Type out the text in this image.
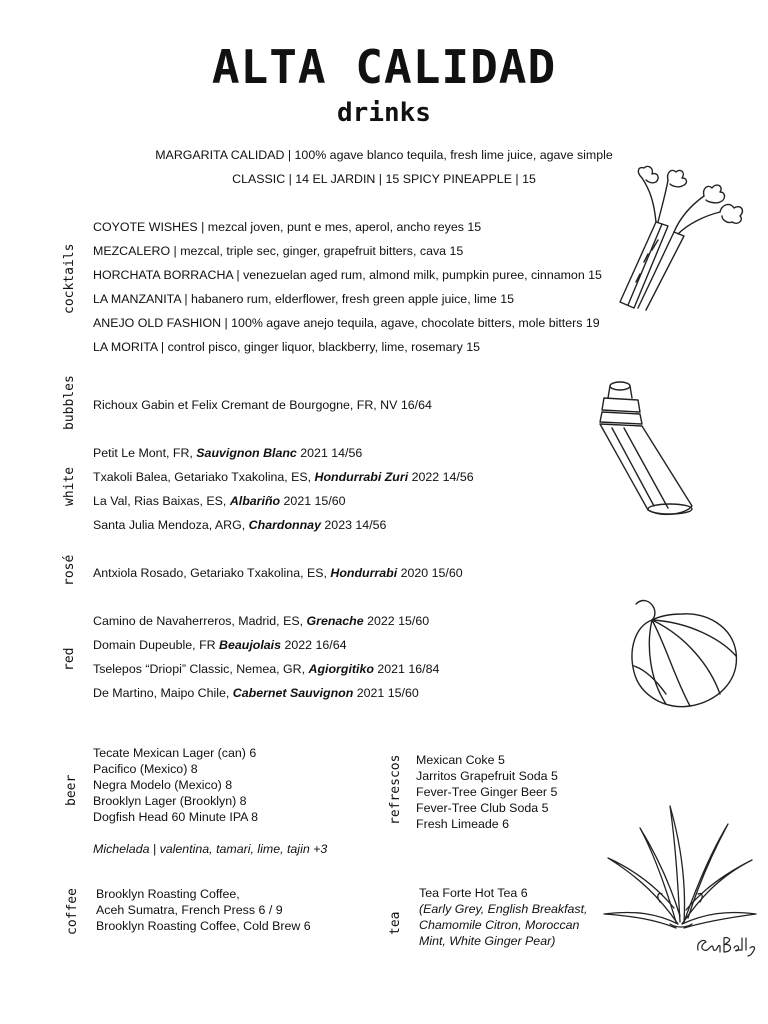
ALTA CALIDAD
drinks
MARGARITA CALIDAD | 100% agave blanco tequila, fresh lime juice, agave simple
CLASSIC | 14 EL JARDIN | 15 SPICY PINEAPPLE | 15
cocktails
bubbles
white
rosé
red
beer	refrescos
coffee	tea
COYOTE WISHES | mezcal joven, punt e mes, aperol, ancho reyes 15
MEZCALERO | mezcal, triple sec, ginger, grapefruit bitters, cava 15
HORCHATA BORRACHA | venezuelan aged rum, almond milk, pumpkin puree, cinnamon 15
LA MANZANITA | habanero rum, elderflower, fresh green apple juice, lime 15
ANEJO OLD FASHION | 100% agave anejo tequila, agave, chocolate bitters, mole bitters 19
LA MORITA | control pisco, ginger liquor, blackberry, lime, rosemary 15
Richoux Gabin et Felix Cremant de Bourgogne, FR, NV 16/64
Petit Le Mont, FR, Sauvignon Blanc 2021 14/56
Txakoli Balea, Getariako Txakolina, ES, Hondurrabi Zuri 2022 14/56
La Val, Rias Baixas, ES, Albariño 2021 15/60
Santa Julia Mendoza, ARG, Chardonnay 2023 14/56
Antxiola Rosado, Getariako Txakolina, ES, Hondurrabi 2020 15/60
Camino de Navaherreros, Madrid, ES, Grenache 2022 15/60
Domain Dupeuble, FR Beaujolais 2022 16/64
Tselepos “Driopi” Classic, Nemea, GR, Agiorgitiko 2021 16/84
De Martino, Maipo Chile, Cabernet Sauvignon 2021 15/60
Tecate Mexican Lager (can) 6
Pacifico (Mexico) 8
Negra Modelo (Mexico) 8
Brooklyn Lager (Brooklyn) 8
Dogfish Head 60 Minute IPA 8
Michelada | valentina, tamari, lime, tajin +3
Mexican Coke 5
Jarritos Grapefruit Soda 5
Fever-Tree Ginger Beer 5
Fever-Tree Club Soda 5
Fresh Limeade 6
Brooklyn Roasting Coffee,
Aceh Sumatra, French Press 6 / 9
Brooklyn Roasting Coffee, Cold Brew 6
Tea Forte Hot Tea 6
(Early Grey, English Breakfast,
Chamomile Citron, Moroccan
Mint, White Ginger Pear)
